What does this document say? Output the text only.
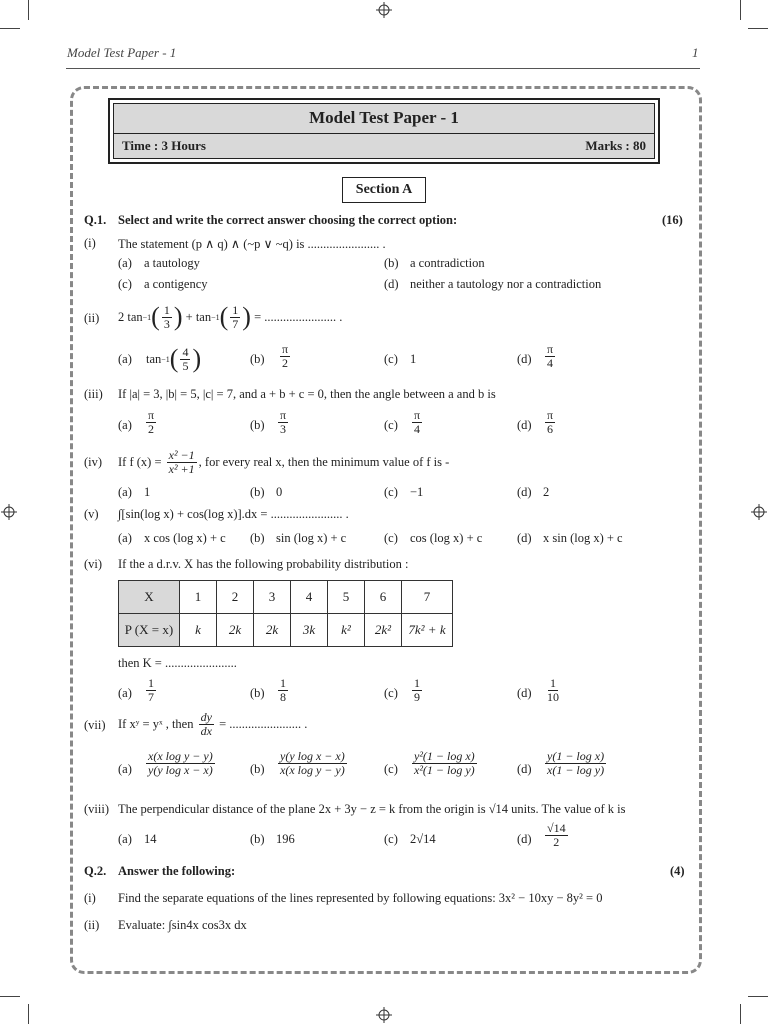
Model Test Paper - 1	1
Model Test Paper - 1
Time : 3 Hours	Marks : 80
Section A
Q.1. Select and write the correct answer choosing the correct option:	(16)
(i) The statement (p ∧ q) ∧ (~p ∨ ~q) is ....................... .
(a) a tautology	(b) a contradiction
(c) a contigency	(d) neither a tautology nor a contradiction
(ii) 2 tan −1 ( $\frac{1}{3}$ ) + tan −1 ( $\frac{1}{7}$ )
= ....................... .
(a) tan −1 ( $\frac{4}{5}$ )	$(b) \frac{\pi}{2}$	(c) 1	$(d) \frac{\pi}{4}$
(iii) If |a| = 3, |b| = 5, |c| = 7, and a + b + c = 0, then the angle between a and b is
$(a) \frac{\pi}{2}$	$(b) \frac{\pi}{3}$	$(c) \frac{\pi}{4}$	$(d) \frac{\pi}{6}$
(iv) If f (x) =
$\frac{\text{x² −1}}{\text{x² +1}}$ , for every real x, then the minimum value of f is -
(a) 1	(b) 0	(c) −1	(d) 2
(v) ∫[sin(log x) + cos(log x)].dx = ....................... .
(a) x cos (log x) + c (b) sin (log x) + c	(c) cos (log x) + c	(d) x sin (log x) + c
(vi) If the a d.r.v. X has the following probability distribution :
X	1	2	3	4	5	6	7
P (X = x)	k	2k	2k	3k	k²	2k²	7k² + k
then K = .......................
$(a) \frac{1}{7}$	$(b) \frac{1}{8}$	$(c) \frac{1}{9}$	$(d) \frac{1}{10}$
(vii) If xʸ = yˣ , then
$\frac{dy}{dx}$
= ....................... .
$(a) \frac{\text{x(x log y − y)}}{\text{y(y log x − x)}}$	$(b) \frac{\text{y(y log x − x)}}{\text{x(x log y − y)}}$	$(c) \frac{\text{y²(1 − log x)}}{\text{x²(1 − log y)}}$	$(d) \frac{\text{y(1 − log x)}}{\text{x(1 − log y)}}$
(viii) The perpendicular distance of the plane 2x + 3y − z = k from the origin is √14 units. The value of k is
(a) 14	(b) 196	(c) 2√14	$(d) \frac{√14}{2}$
Q.2. Answer the following:	(4)
(i) Find the separate equations of the lines represented by following equations: 3x² − 10xy − 8y² = 0
(ii) Evaluate: ∫sin4x cos3x dx
